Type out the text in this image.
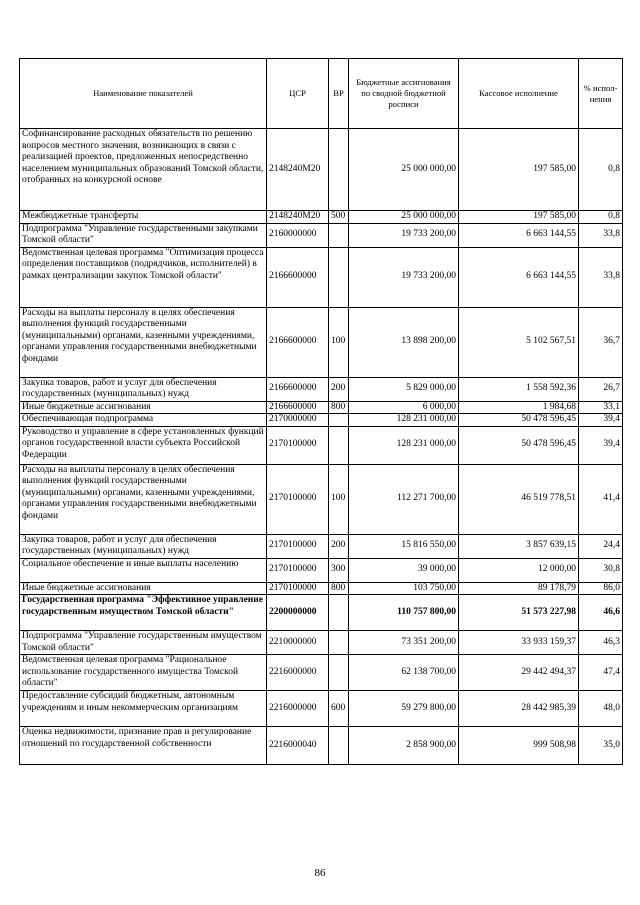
Наименование показателей	ЦСР	ВР	Бюджетные ассигнования по сводной бюджетной росписи	Кассовое исполнение	% испол-нения
Софинансирование расходных обязательств по решению вопросов местного значения, возникающих в связи с реализацией проектов, предложенных непосредственно населением муниципальных образований Томской области, отобранных на конкурсной основе	2148240М20		25 000 000,00	197 585,00	0,8
Межбюджетные трансферты	2148240М20	500	25 000 000,00	197 585,00	0,8
Подпрограмма "Управление государственными закупками Томской области"	2160000000		19 733 200,00	6 663 144,55	33,8
Ведомственная целевая программа "Оптимизация процесса определения поставщиков (подрядчиков, исполнителей) в рамках централизации закупок Томской области"	2166600000		19 733 200,00	6 663 144,55	33,8
Расходы на выплаты персоналу в целях обеспечения выполнения функций государственными (муниципальными) органами, казенными учреждениями, органами управления государственными внебюджетными фондами	2166600000	100	13 898 200,00	5 102 567,51	36,7
Закупка товаров, работ и услуг для обеспечения государственных (муниципальных) нужд	2166600000	200	5 829 000,00	1 558 592,36	26,7
Иные бюджетные ассигнования	2166600000	800	6 000,00	1 984,68	33,1
Обеспечивающая подпрограмма	2170000000		128 231 000,00	50 478 596,45	39,4
Руководство и управление в сфере установленных функций органов государственной власти субъекта Российской Федерации	2170100000		128 231 000,00	50 478 596,45	39,4
Расходы на выплаты персоналу в целях обеспечения выполнения функций государственными (муниципальными) органами, казенными учреждениями, органами управления государственными внебюджетными фондами	2170100000	100	112 271 700,00	46 519 778,51	41,4
Закупка товаров, работ и услуг для обеспечения государственных (муниципальных) нужд	2170100000	200	15 816 550,00	3 857 639,15	24,4
Социальное обеспечение и иные выплаты населению	2170100000	300	39 000,00	12 000,00	30,8
Иные бюджетные ассигнования	2170100000	800	103 750,00	89 178,79	86,0
Государственная программа "Эффективное управление государственным имуществом Томской области"	2200000000		110 757 800,00	51 573 227,98	46,6
Подпрограмма "Управление государственным имуществом Томской области"	2210000000		73 351 200,00	33 933 159,37	46,3
Ведомственная целевая программа "Рациональное использование государственного имущества Томской области"	2216000000		62 138 700,00	29 442 494,37	47,4
Предоставление субсидий бюджетным, автономным учреждениям и иным некоммерческим организациям	2216000000	600	59 279 800,00	28 442 985,39	48,0
Оценка недвижимости, признание прав и регулирование отношений по государственной собственности	2216000040		2 858 900,00	999 508,98	35,0
86
